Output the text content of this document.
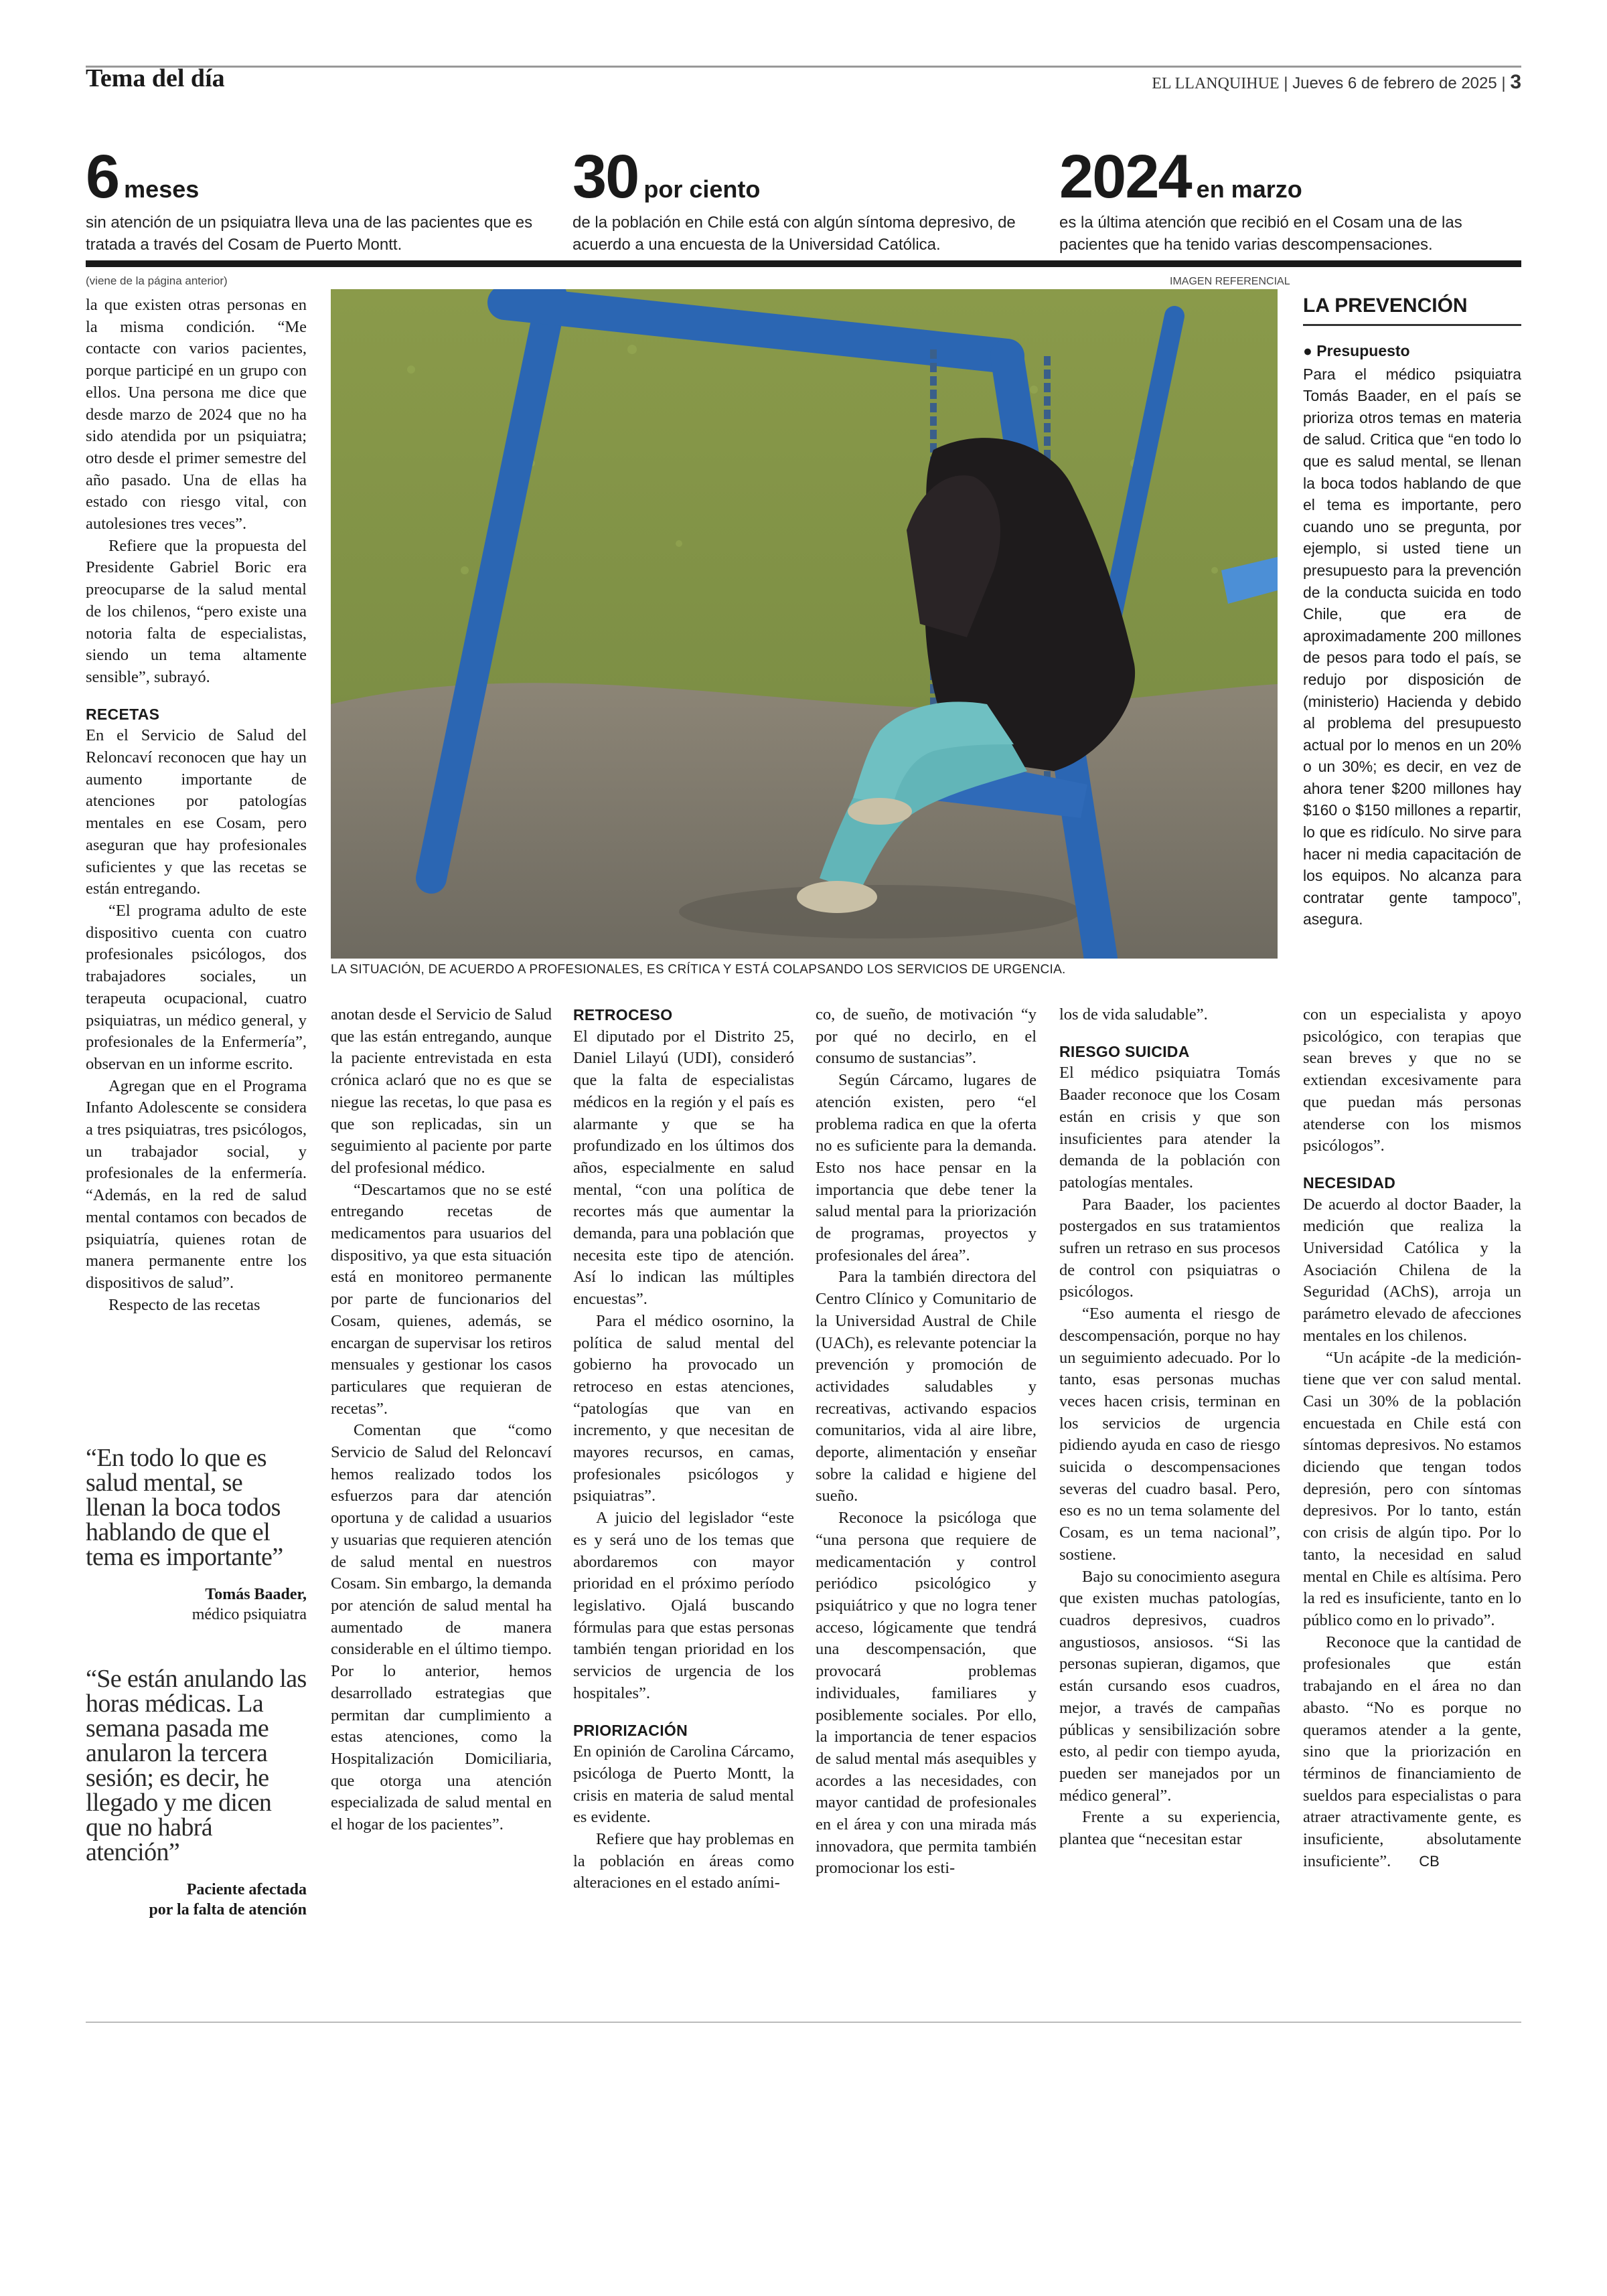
Tema del día	EL LLANQUIHUE | Jueves 6 de febrero de 2025 | 3
6 meses
sin atención de un psiquiatra lleva una de las pacientes que es tratada a través del Cosam de Puerto Montt.
30 por ciento
de la población en Chile está con algún síntoma depresivo, de acuerdo a una encuesta de la Universidad Católica.
2024 en marzo
es la última atención que recibió en el Cosam una de las pacientes que ha tenido varias descompensaciones.
(viene de la página anterior)	IMAGEN REFERENCIAL
LA SITUACIÓN, DE ACUERDO A PROFESIONALES, ES CRÍTICA Y ESTÁ COLAPSANDO LOS SERVICIOS DE URGENCIA.

la que existen otras personas en la misma condición. “Me contacte con varios pacientes, porque participé en un grupo con ellos. Una persona me dice que desde marzo de 2024 que no ha sido atendida por un psiquiatra; otro desde el primer semestre del año pasado. Una de ellas ha estado con riesgo vital, con autolesiones tres veces”.

Refiere que la propuesta del Presidente Gabriel Boric era preocuparse de la salud mental de los chilenos, “pero existe una notoria falta de especialistas, siendo un tema altamente sensible”, subrayó.

RECETAS

En el Servicio de Salud del Reloncaví reconocen que hay un aumento importante de atenciones por patologías mentales en ese Cosam, pero aseguran que hay profesionales suficientes y que las recetas se están entregando.

“El programa adulto de este dispositivo cuenta con cuatro profesionales psicólogos, dos trabajadores sociales, un terapeuta ocupacional, cuatro psiquiatras, un médico general, y profesionales de la Enfermería”, observan en un informe escrito.

Agregan que en el Programa Infanto Adolescente se considera a tres psiquiatras, tres psicólogos, un trabajador social, y profesionales de la enfermería. “Además, en la red de salud mental contamos con becados de psiquiatría, quienes rotan de manera permanente entre los dispositivos de salud”.

Respecto de las recetas

“En todo lo que es salud mental, se llenan la boca todos hablando de que el tema es importante”
Tomás Baader,
médico psiquiatra
“Se están anulando las horas médicas. La semana pasada me anularon la tercera sesión; es decir, he llegado y me dicen que no habrá atención”
Paciente afectada
por la falta de atención

anotan desde el Servicio de Salud que las están entregando, aunque la paciente entrevistada en esta crónica aclaró que no es que se niegue las recetas, lo que pasa es que son replicadas, sin un seguimiento al paciente por parte del profesional médico.

“Descartamos que no se esté entregando recetas de medicamentos para usuarios del dispositivo, ya que esta situación está en monitoreo permanente por parte de funcionarios del Cosam, quienes, además, se encargan de supervisar los retiros mensuales y gestionar los casos particulares que requieran de recetas”.

Comentan que “como Servicio de Salud del Reloncaví hemos realizado todos los esfuerzos para dar atención oportuna y de calidad a usuarios y usuarias que requieren atención de salud mental en nuestros Cosam. Sin embargo, la demanda por atención de salud mental ha aumentado de manera considerable en el último tiempo. Por lo anterior, hemos desarrollado estrategias que permitan dar cumplimiento a estas atenciones, como la Hospitalización Domiciliaria, que otorga una atención especializada de salud mental en el hogar de los pacientes”.

RETROCESO

El diputado por el Distrito 25, Daniel Lilayú (UDI), consideró que la falta de especialistas médicos en la región y el país es alarmante y que se ha profundizado en los últimos dos años, especialmente en salud mental, “con una política de recortes más que aumentar la demanda, para una población que necesita este tipo de atención. Así lo indican las múltiples encuestas”.

Para el médico osornino, la política de salud mental del gobierno ha provocado un retroceso en estas atenciones, “patologías que van en incremento, y que necesitan de mayores recursos, en camas, profesionales psicólogos y psiquiatras”.

A juicio del legislador “este es y será uno de los temas que abordaremos con mayor prioridad en el próximo período legislativo. Ojalá buscando fórmulas para que estas personas también tengan prioridad en los servicios de urgencia de los hospitales”.

PRIORIZACIÓN

En opinión de Carolina Cárcamo, psicóloga de Puerto Montt, la crisis en materia de salud mental es evidente.

Refiere que hay problemas en la población en áreas como alteraciones en el estado aními-

co, de sueño, de motivación “y por qué no decirlo, en el consumo de sustancias”.

Según Cárcamo, lugares de atención existen, pero “el problema radica en que la oferta no es suficiente para la demanda. Esto nos hace pensar en la importancia que debe tener la salud mental para la priorización de programas, proyectos y profesionales del área”.

Para la también directora del Centro Clínico y Comunitario de la Universidad Austral de Chile (UACh), es relevante potenciar la prevención y promoción de actividades saludables y recreativas, activando espacios comunitarios, vida al aire libre, deporte, alimentación y enseñar sobre la calidad e higiene del sueño.

Reconoce la psicóloga que “una persona que requiere de medicamentación y control periódico psicológico y psiquiátrico y que no logra tener acceso, lógicamente que tendrá una descompensación, que provocará problemas individuales, familiares y posiblemente sociales. Por ello, la importancia de tener espacios de salud mental más asequibles y acordes a las necesidades, con mayor cantidad de profesionales en el área y con una mirada más innovadora, que permita también promocionar los esti-

los de vida saludable”.

RIESGO SUICIDA

El médico psiquiatra Tomás Baader reconoce que los Cosam están en crisis y que son insuficientes para atender la demanda de la población con patologías mentales.

Para Baader, los pacientes postergados en sus tratamientos sufren un retraso en sus procesos de control con psiquiatras o psicólogos.

“Eso aumenta el riesgo de descompensación, porque no hay un seguimiento adecuado. Por lo tanto, esas personas muchas veces hacen crisis, terminan en los servicios de urgencia pidiendo ayuda en caso de riesgo suicida o descompensaciones severas del cuadro basal. Pero, eso es no un tema solamente del Cosam, es un tema nacional”, sostiene.

Bajo su conocimiento asegura que existen muchas patologías, cuadros depresivos, cuadros angustiosos, ansiosos. “Si las personas supieran, digamos, que están cursando esos cuadros, mejor, a través de campañas públicas y sensibilización sobre esto, al pedir con tiempo ayuda, pueden ser manejados por un médico general”.

Frente a su experiencia, plantea que “necesitan estar

LA PREVENCIÓN
● Presupuesto
Para el médico psiquiatra Tomás Baader, en el país se prioriza otros temas en materia de salud. Critica que “en todo lo que es salud mental, se llenan la boca todos hablando de que el tema es importante, pero cuando uno se pregunta, por ejemplo, si usted tiene un presupuesto para la prevención de la conducta suicida en todo Chile, que era de aproximadamente 200 millones de pesos para todo el país, se redujo por disposición de (ministerio) Hacienda y debido al problema del presupuesto actual por lo menos en un 20% o un 30%; es decir, en vez de ahora tener $200 millones hay $160 o $150 millones a repartir, lo que es ridículo. No sirve para hacer ni media capacitación de los equipos. No alcanza para contratar gente tampoco”, asegura.

con un especialista y apoyo psicológico, con terapias que sean breves y que no se extiendan excesivamente para que puedan más personas atenderse con los mismos psicólogos”.

NECESIDAD

De acuerdo al doctor Baader, la medición que realiza la Universidad Católica y la Asociación Chilena de la Seguridad (AChS), arroja un parámetro elevado de afecciones mentales en los chilenos.

“Un acápite -de la medición- tiene que ver con salud mental. Casi un 30% de la población encuestada en Chile está con síntomas depresivos. No estamos diciendo que tengan todos depresión, pero con síntomas depresivos. Por lo tanto, están con crisis de algún tipo. Por lo tanto, la necesidad en salud mental en Chile es altísima. Pero la red es insuficiente, tanto en lo público como en lo privado”.

Reconoce que la cantidad de profesionales que están trabajando en el área no dan abasto. “No es porque no queramos atender a la gente, sino que la priorización en términos de financiamiento de sueldos para especialistas o para atraer atractivamente gente, es insuficiente, absolutamente insuficiente”. CB
